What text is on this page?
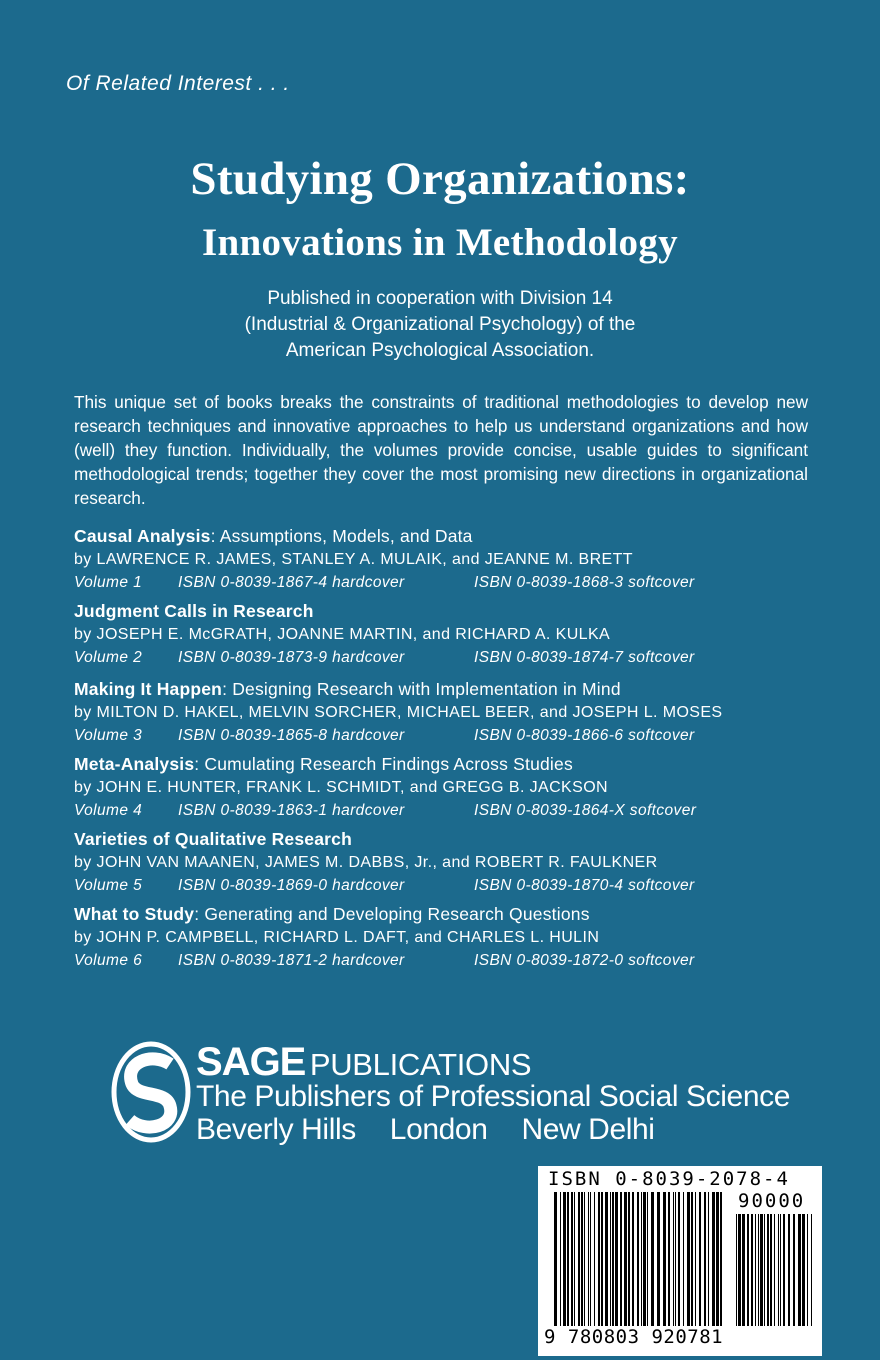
Of Related Interest . . .
Studying Organizations:
Innovations in Methodology
Published in cooperation with Division 14
(Industrial & Organizational Psychology) of the
American Psychological Association.
This unique set of books breaks the constraints of traditional methodologies to develop new research techniques and innovative approaches to help us understand organizations and how (well) they function. Individually, the volumes provide concise, usable guides to significant methodological trends; together they cover the most promising new directions in organizational research.
Causal Analysis: Assumptions, Models, and Data
by LAWRENCE R. JAMES, STANLEY A. MULAIK, and JEANNE M. BRETT
Volume 1 ISBN 0-8039-1867-4 hardcover	ISBN 0-8039-1868-3 softcover
Judgment Calls in Research
by JOSEPH E. McGRATH, JOANNE MARTIN, and RICHARD A. KULKA
Volume 2 ISBN 0-8039-1873-9 hardcover	ISBN 0-8039-1874-7 softcover
Making It Happen: Designing Research with Implementation in Mind
by MILTON D. HAKEL, MELVIN SORCHER, MICHAEL BEER, and JOSEPH L. MOSES
Volume 3 ISBN 0-8039-1865-8 hardcover	ISBN 0-8039-1866-6 softcover
Meta-Analysis: Cumulating Research Findings Across Studies
by JOHN E. HUNTER, FRANK L. SCHMIDT, and GREGG B. JACKSON
Volume 4 ISBN 0-8039-1863-1 hardcover	ISBN 0-8039-1864-X softcover
Varieties of Qualitative Research
by JOHN VAN MAANEN, JAMES M. DABBS, Jr., and ROBERT R. FAULKNER
Volume 5 ISBN 0-8039-1869-0 hardcover	ISBN 0-8039-1870-4 softcover
What to Study: Generating and Developing Research Questions
by JOHN P. CAMPBELL, RICHARD L. DAFT, and CHARLES L. HULIN
Volume 6 ISBN 0-8039-1871-2 hardcover	ISBN 0-8039-1872-0 softcover
S SAGE PUBLICATIONS
The Publishers of Professional Social Science
Beverly Hills London New Delhi
ISBN 0-8039-2078-4
90000
9 780803 920781
